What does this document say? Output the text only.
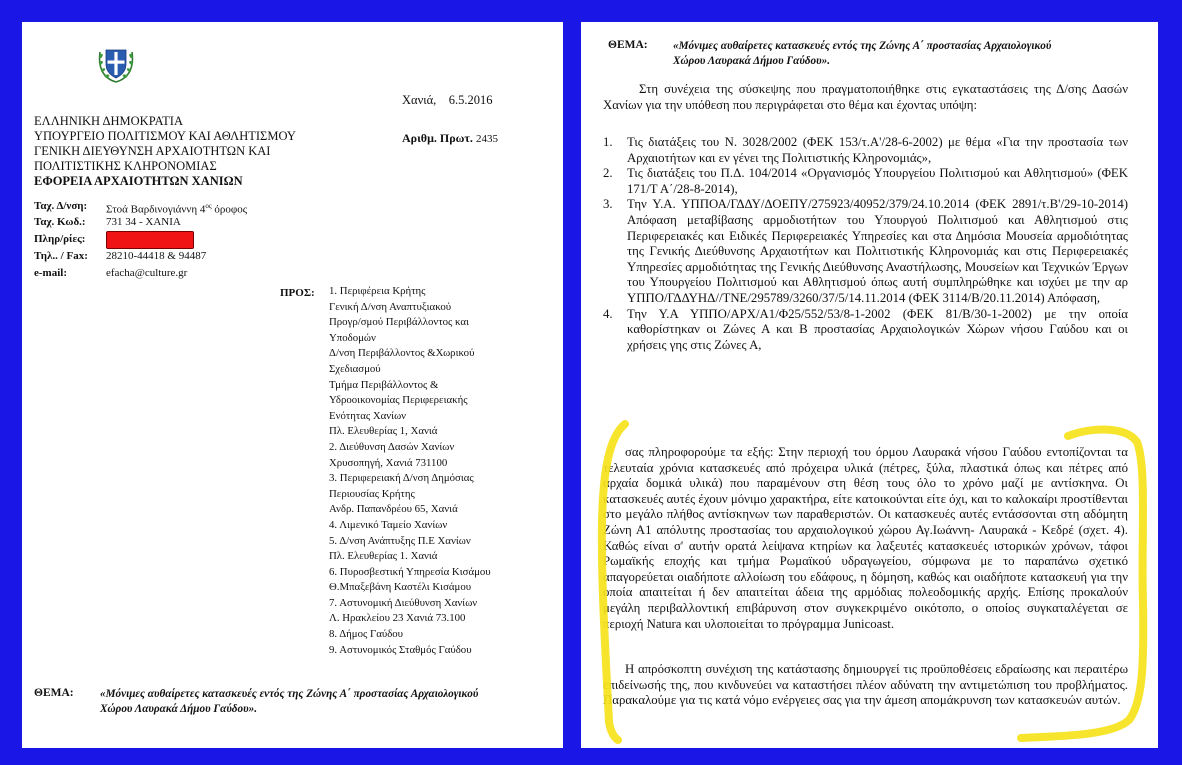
ΕΛΛΗΝΙΚΗ ΔΗΜΟΚΡΑΤΙΑ
ΥΠΟΥΡΓΕΙΟ ΠΟΛΙΤΙΣΜΟΥ ΚΑΙ ΑΘΛΗΤΙΣΜΟΥ
ΓΕΝΙΚΗ ΔΙΕΥΘΥΝΣΗ ΑΡΧΑΙΟΤΗΤΩΝ ΚΑΙ
ΠΟΛΙΤΙΣΤΙΚΗΣ ΚΛΗΡΟΝΟΜΙΑΣ
ΕΦΟΡΕΙΑ ΑΡΧΑΙΟΤΗΤΩΝ ΧΑΝΙΩΝ
Χανιά, 6.5.2016
Αριθμ. Πρωτ. 2435
Ταχ. Δ/νση: Στοά Βαρδινογιάννη $4^{o\varsigma}$ όροφος
Ταχ. Κωδ.: 731 34 - ΧΑΝΙΑ
Πληρ/ρίες:
Τηλ.. / Fax: 28210-44418 & 94487
e-mail:	efacha@culture.gr
ΠΡΟΣ: 1. Περιφέρεια Κρήτης
Γενική Δ/νση Αναπτυξιακού
Προγρ/σμού Περιβάλλοντος και
Υποδομών
Δ/νση Περιβάλλοντος &Χωρικού
Σχεδιασμού
Τμήμα Περιβάλλοντος &
Υδροοικονομίας Περιφερειακής
Ενότητας Χανίων
Πλ. Ελευθερίας 1, Χανιά
2. Διεύθυνση Δασών Χανίων
Χρυσοπηγή, Χανιά 731100
3. Περιφερειακή Δ/νση Δημόσιας
Περιουσίας Κρήτης
Ανδρ. Παπανδρέου 65, Χανιά
4. Λιμενικό Ταμείο Χανίων
5. Δ/νση Ανάπτυξης Π.Ε Χανίων
Πλ. Ελευθερίας 1. Χανιά
6. Πυροσβεστική Υπηρεσία Κισάμου
Θ.Μπαξεβάνη Καστέλι Κισάμου
7. Αστυνομική Διεύθυνση Χανίων
Λ. Ηρακλείου 23 Χανιά 73.100
8. Δήμος Γαύδου
9. Αστυνομικός Σταθμός Γαύδου
ΘΕΜΑ: «Μόνιμες αυθαίρετες κατασκευές εντός της Ζώνης Α΄ προστασίας Αρχαιολογικού
Χώρου Λαυρακά Δήμου Γαύδου».
ΘΕΜΑ: «Μόνιμες αυθαίρετες κατασκευές εντός της Ζώνης Α΄ προστασίας Αρχαιολογικού
Χώρου Λαυρακά Δήμου Γαύδου».
Στη συνέχεια της σύσκεψης που πραγματοποιήθηκε στις εγκαταστάσεις της Δ/σης Δασών Χανίων για την υπόθεση που περιγράφεται στο θέμα και έχοντας υπόψη:
1. Τις διατάξεις του Ν. 3028/2002 (ΦΕΚ 153/τ.Α'/28-6-2002) με θέμα «Για την προστασία των Αρχαιοτήτων και εν γένει της Πολιτιστικής Κληρονομιάς»,
2. Τις διατάξεις του Π.Δ. 104/2014 «Οργανισμός Υπουργείου Πολιτισμού και Αθλητισμού» (ΦΕΚ 171/Τ Α΄/28-8-2014),
3. Την Υ.Α. ΥΠΠΟΑ/ΓΔΔΥ/ΔΟΕΠΥ/275923/40952/379/24.10.2014 (ΦΕΚ 2891/τ.Β'/29-10-2014) Απόφαση μεταβίβασης αρμοδιοτήτων του Υπουργού Πολιτισμού και Αθλητισμού στις Περιφερειακές και Ειδικές Περιφερειακές Υπηρεσίες και στα Δημόσια Μουσεία αρμοδιότητας της Γενικής Διεύθυνσης Αρχαιοτήτων και Πολιτιστικής Κληρονομιάς και στις Περιφερειακές Υπηρεσίες αρμοδιότητας της Γενικής Διεύθυνσης Αναστήλωσης, Μουσείων και Τεχνικών Έργων του Υπουργείου Πολιτισμού και Αθλητισμού όπως αυτή συμπληρώθηκε και ισχύει με την αρ ΥΠΠΟ/ΓΔΔΥΗΔ//ΤΝΕ/295789/3260/37/5/14.11.2014 (ΦΕΚ 3114/Β/20.11.2014) Απόφαση,
4. Την Υ.Α ΥΠΠΟ/ΑΡΧ/Α1/Φ25/552/53/8-1-2002 (ΦΕΚ 81/Β/30-1-2002) με την οποία καθορίστηκαν οι Ζώνες Α και Β προστασίας Αρχαιολογικών Χώρων νήσου Γαύδου και οι χρήσεις γης στις Ζώνες Α,
σας πληροφορούμε τα εξής: Στην περιοχή του όρμου Λαυρακά νήσου Γαύδου εντοπίζονται τα τελευταία χρόνια κατασκευές από πρόχειρα υλικά (πέτρες, ξύλα, πλαστικά όπως και πέτρες από αρχαία δομικά υλικά) που παραμένουν στη θέση τους όλο το χρόνο μαζί με αντίσκηνα. Οι κατασκευές αυτές έχουν μόνιμο χαρακτήρα, είτε κατοικούνται είτε όχι, και το καλοκαίρι προστίθενται στο μεγάλο πλήθος αντίσκηνων των παραθεριστών. Οι κατασκευές αυτές εντάσσονται στη αδόμητη Ζώνη Α1 απόλυτης προστασίας του αρχαιολογικού χώρου Αγ.Ιωάννη- Λαυρακά - Κεδρέ (σχετ. 4). Καθώς είναι σ' αυτήν ορατά λείψανα κτηρίων κα λαξευτές κατασκευές ιστορικών χρόνων, τάφοι Ρωμαϊκής εποχής και τμήμα Ρωμαϊκού υδραγωγείου, σύμφωνα με το παραπάνω σχετικό απαγορεύεται οιαδήποτε αλλοίωση του εδάφους, η δόμηση, καθώς και οιαδήποτε κατασκευή για την οποία απαιτείται ή δεν απαιτείται άδεια της αρμόδιας πολεοδομικής αρχής. Επίσης προκαλούν μεγάλη περιβαλλοντική επιβάρυνση στον συγκεκριμένο οικότοπο, ο οποίος συγκαταλέγεται σε περιοχή Natura και υλοποιείται το πρόγραμμα Junicoast.
Η απρόσκοπτη συνέχιση της κατάστασης δημιουργεί τις προϋποθέσεις εδραίωσης και περαιτέρω επιδείνωσής της, που κινδυνεύει να καταστήσει πλέον αδύνατη την αντιμετώπιση του προβλήματος. Παρακαλούμε για τις κατά νόμο ενέργειες σας για την άμεση απομάκρυνση των κατασκευών αυτών.
